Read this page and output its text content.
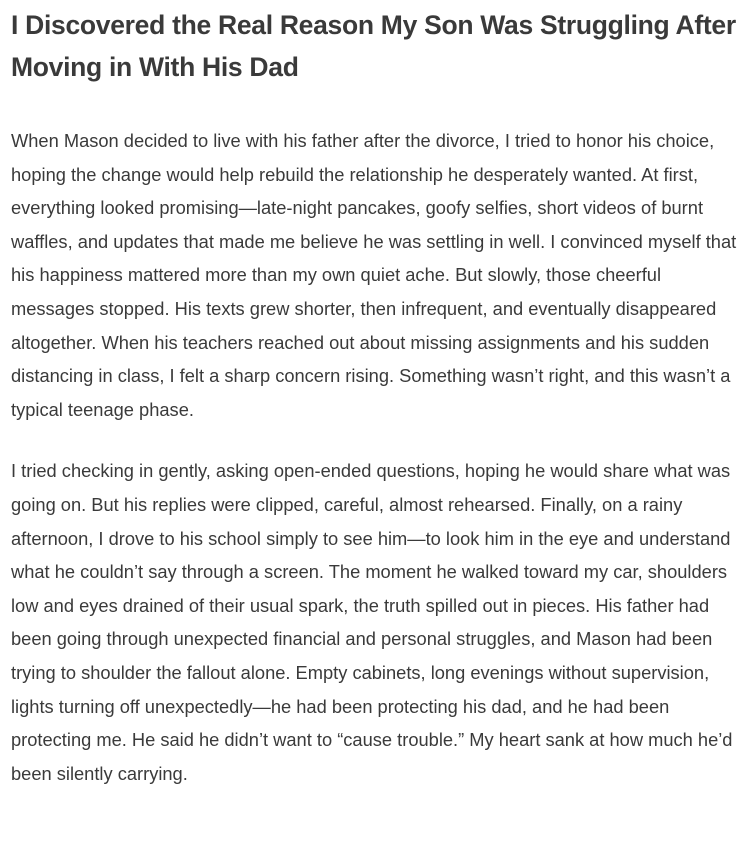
I Discovered the Real Reason My Son Was Struggling After Moving in With His Dad

When Mason decided to live with his father after the divorce, I tried to honor his choice, hoping the change would help rebuild the relationship he desperately wanted. At first, everything looked promising—late-night pancakes, goofy selfies, short videos of burnt waffles, and updates that made me believe he was settling in well. I convinced myself that his happiness mattered more than my own quiet ache. But slowly, those cheerful messages stopped. His texts grew shorter, then infrequent, and eventually disappeared altogether. When his teachers reached out about missing assignments and his sudden distancing in class, I felt a sharp concern rising. Something wasn’t right, and this wasn’t a typical teenage phase.

I tried checking in gently, asking open-ended questions, hoping he would share what was going on. But his replies were clipped, careful, almost rehearsed. Finally, on a rainy afternoon, I drove to his school simply to see him—to look him in the eye and understand what he couldn’t say through a screen. The moment he walked toward my car, shoulders low and eyes drained of their usual spark, the truth spilled out in pieces. His father had been going through unexpected financial and personal struggles, and Mason had been trying to shoulder the fallout alone. Empty cabinets, long evenings without supervision, lights turning off unexpectedly—he had been protecting his dad, and he had been protecting me. He said he didn’t want to “cause trouble.” My heart sank at how much he’d been silently carrying.
